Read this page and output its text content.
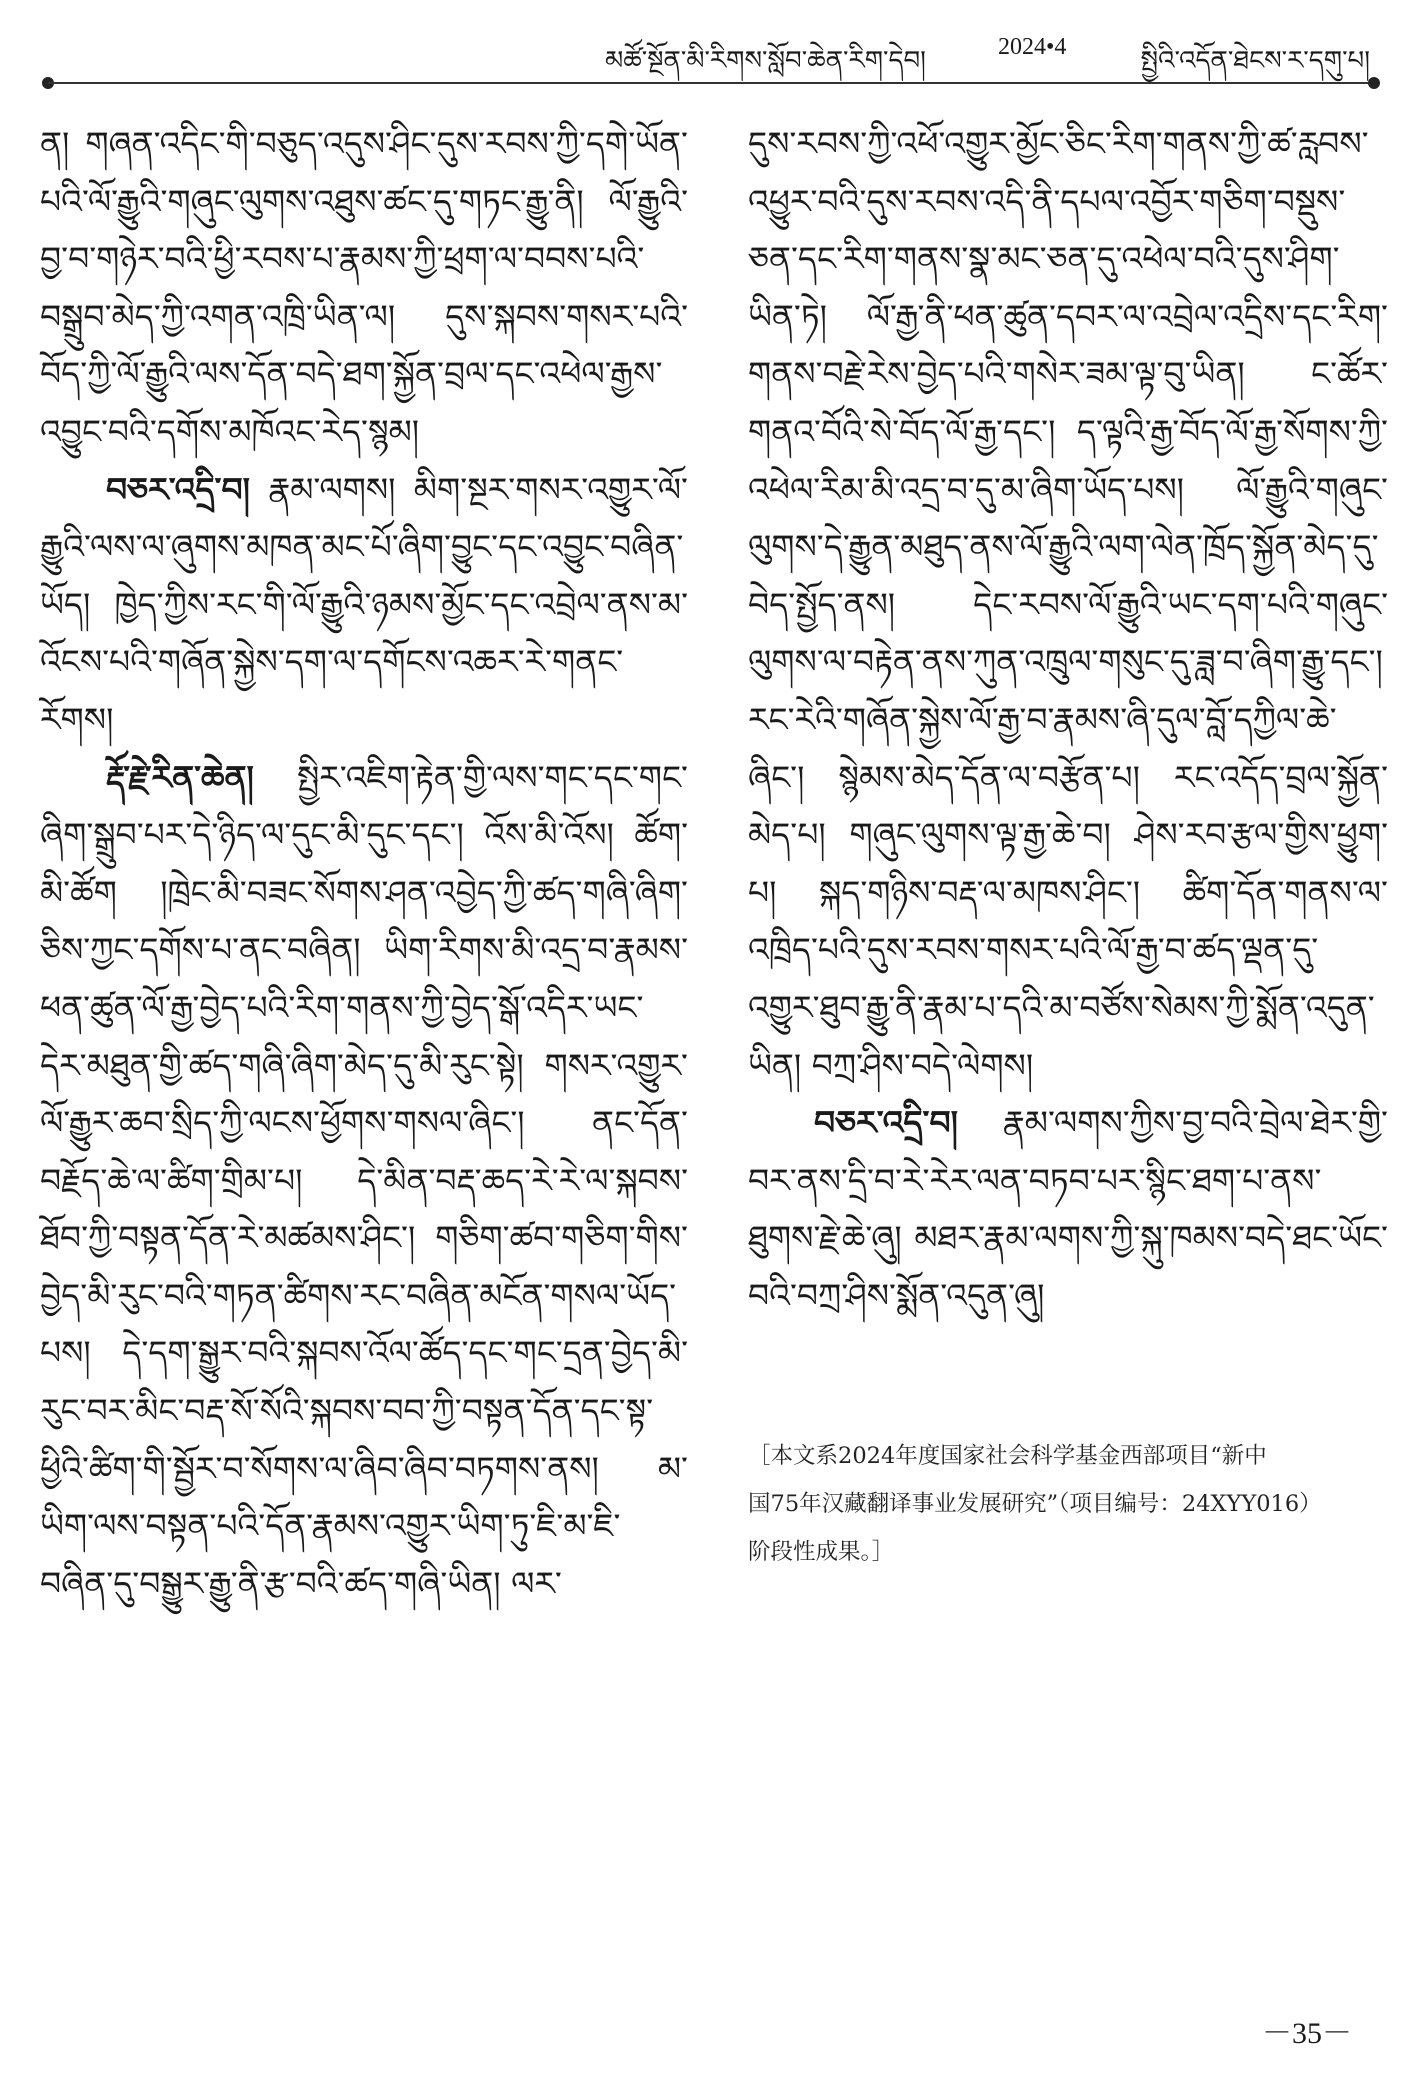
མཚོ་སྔོན་མི་རིགས་སློབ་ཆེན་རིག་དེབ།	2024•4	སྤྱིའི་འདོན་ཐེངས་ར་དགུ་པ།

ན། གཞན་འདིང་གི་བཅུད་འདུས་ཤིང་དུས་རབས་ཀྱི་དགེ་ཡོན་པའི་ལོ་རྒྱུའི་གཞུང་ལུགས་འཐུས་ཚང་དུ་གཏང་རྒྱུ་ནི། ལོ་རྒྱུའི་བྱ་བ་གཉེར་བའི་ཕྱི་རབས་པ་རྣམས་ཀྱི་ཕྲག་ལ་བབས་པའི་བསྒྲུབ་མེད་ཀྱི་འགན་འཁྲི་ཡིན་ལ། དུས་སྐབས་གསར་པའི་བོད་ཀྱི་ལོ་རྒྱུའི་ལས་དོན་བདེ་ཐག་སྐྱོན་བྲལ་དང་འཕེལ་རྒྱས་འབྱུང་བའི་དགོས་མཁོའང་རེད་སྙམ།

བཅར་འདྲི་བ། རྣམ་ལགས། མིག་སྔར་གསར་འགྱུར་ལོ་རྒྱུའི་ལས་ལ་ཞུགས་མཁན་མང་པོ་ཞིག་བྱུང་དང་འབྱུང་བཞིན་ཡོད། ཁྱེད་ཀྱིས་རང་གི་ལོ་རྒྱུའི་ཉམས་མྱོང་དང་འབྲེལ་ནས་མ་འོངས་པའི་གཞོན་སྐྱེས་དག་ལ་དགོངས་འཆར་རེ་གནང་རོགས།

རྡོ་རྗེ་རིན་ཆེན། སྤྱིར་འཇིག་རྟེན་གྱི་ལས་གང་དང་གང་ཞིག་སྒྲུབ་པར་དེ་ཉིད་ལ་དུང་མི་དུང་དང་། འོས་མི་འོས། ཚོག་མི་ཚོག །ཁྲེང་མི་བཟང་སོགས་ཤན་འབྱེད་ཀྱི་ཚད་གཞི་ཞིག་ཅིས་ཀྱང་དགོས་པ་ནང་བཞིན། ཡིག་རིགས་མི་འདྲ་བ་རྣམས་ཕན་ཚུན་ལོ་རྒྱ་བྱེད་པའི་རིག་གནས་ཀྱི་བྱེད་སྒོ་འདིར་ཡང་དེར་མཐུན་གྱི་ཚད་གཞི་ཞིག་མེད་དུ་མི་རུང་སྟེ། གསར་འགྱུར་ལོ་རྒྱུར་ཆབ་སྲིད་ཀྱི་ལངས་ཕྱོགས་གསལ་ཞིང་། ནང་དོན་བརྗོད་ཆེ་ལ་ཚིག་གྲིམ་པ། དེ་མིན་བརྡ་ཆད་རེ་རེ་ལ་སྐབས་ཐོབ་ཀྱི་བསྟན་དོན་རེ་མཚམས་ཤིང་། གཅིག་ཚབ་གཅིག་གིས་བྱེད་མི་རུང་བའི་གཏན་ཚིགས་རང་བཞིན་མངོན་གསལ་ཡོད་པས། དེ་དག་སྒྱུར་བའི་སྐབས་འོལ་ཚོད་དང་གང་དྲན་བྱེད་མི་རུང་བར་མིང་བརྡ་སོ་སོའི་སྐབས་བབ་ཀྱི་བསྟན་དོན་དང་སྟ་ཕྱིའི་ཚིག་གི་སྦྱོར་བ་སོགས་ལ་ཞིབ་ཞིབ་བཏགས་ནས། མ་ཡིག་ལས་བསྟན་པའི་དོན་རྣམས་འགྱུར་ཡིག་ཏུ་ཇི་མ་ཇི་བཞིན་དུ་བསྒྱུར་རྒྱུ་ནི་རྩ་བའི་ཚད་གཞི་ཡིན། ལར་

དུས་རབས་ཀྱི་འཕོ་འགྱུར་མྱོང་ཅིང་རིག་གནས་ཀྱི་ཚ་རླབས་འཕྱུར་བའི་དུས་རབས་འདི་ནི་དཔལ་འབྱོར་གཅིག་བསྡུས་ཅན་དང་རིག་གནས་སྣ་མང་ཅན་དུ་འཕེལ་བའི་དུས་ཤིག་ཡིན་ཏེ། ལོ་རྒྱ་ནི་ཕན་ཚུན་དབར་ལ་འབྲེལ་འདྲིས་དང་རིག་གནས་བརྗེ་རེས་བྱེད་པའི་གསེར་ཟམ་ལྟ་བུ་ཡིན། ང་ཚོར་གནའ་བོའི་སེ་བོད་ལོ་རྒྱ་དང་། ད་ལྟའི་རྒྱ་བོད་ལོ་རྒྱ་སོགས་ཀྱི་འཕེལ་རིམ་མི་འདྲ་བ་དུ་མ་ཞིག་ཡོད་པས། ལོ་རྒྱུའི་གཞུང་ལུགས་དེ་རྒྱུན་མཐུད་ནས་ལོ་རྒྱུའི་ལག་ལེན་ཁྲོད་སྐྱོན་མེད་དུ་བེད་སྤྱོད་ནས། དེང་རབས་ལོ་རྒྱུའི་ཡང་དག་པའི་གཞུང་ལུགས་ལ་བརྟེན་ནས་ཀུན་འཁྲུལ་གསུང་དུ་ཟླ་བ་ཞིག་རྒྱུ་དང་། རང་རེའི་གཞོན་སྐྱེས་ལོ་རྒྱ་བ་རྣམས་ཞི་དུལ་བློ་དཀྱིལ་ཆེ་ཞིང་། སྙེམས་མེད་དོན་ལ་བརྩོན་པ། རང་འདོད་བྲལ་སྐྱོན་མེད་པ། གཞུང་ལུགས་ལྟ་རྒྱ་ཆེ་བ། ཤེས་རབ་རྩལ་གྱིས་ཕྱུག་པ། སྐད་གཉིས་བརྡ་ལ་མཁས་ཤིང་། ཚིག་དོན་གནས་ལ་འཁྲིད་པའི་དུས་རབས་གསར་པའི་ལོ་རྒྱ་བ་ཚད་ལྡན་དུ་འགྱུར་ཐུབ་རྒྱུ་ནི་རྣམ་པ་དའི་མ་བཙོས་སེམས་ཀྱི་སྨོན་འདུན་ཡིན། བཀྲ་ཤིས་བདེ་ལེགས།

བཅར་འདྲི་བ། རྣམ་ལགས་ཀྱིས་བྱ་བའི་བྲེལ་ཐེར་གྱི་བར་ནས་དྲི་བ་རེ་རེར་ལན་བཏབ་པར་སྙིང་ཐག་པ་ནས་ཐུགས་རྗེ་ཆེ་ཞུ། མཐར་རྣམ་ལགས་ཀྱི་སྐུ་ཁམས་བདེ་ཐང་ཡོང་བའི་བཀྲ་ཤིས་སྨོན་འདུན་ཞུ།

［本文系2024年度国家社会科学基金西部项目“新中
国75年汉藏翻译事业发展研究”（项目编号：24XYY016）
阶段性成果。］
－35－
